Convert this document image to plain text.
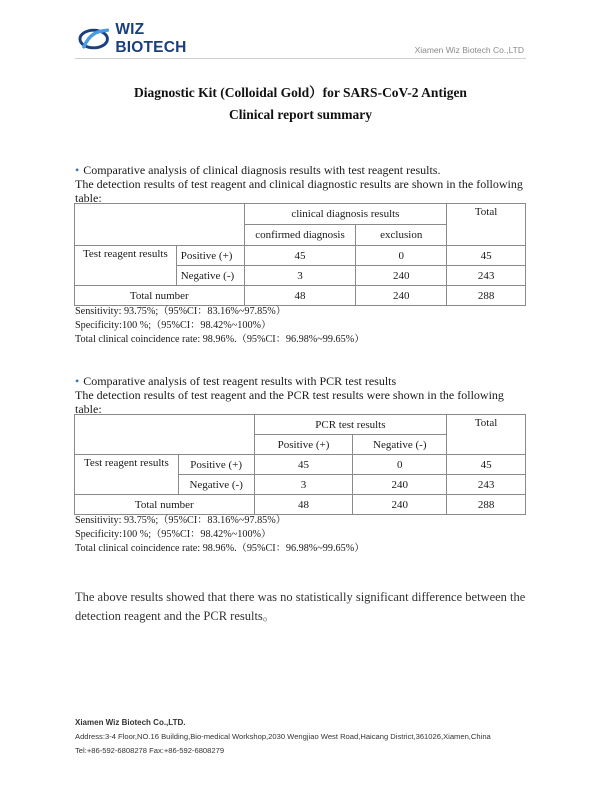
WIZ BIOTECH	Xiamen Wiz Biotech Co.,LTD
Diagnostic Kit (Colloidal Gold）for SARS-CoV-2 Antigen
Clinical report summary
• Comparative analysis of clinical diagnosis results with test reagent results.
The detection results of test reagent and clinical diagnostic results are shown in the following table:
		clinical diagnosis results		Total
		confirmed diagnosis	exclusion	
Test reagent results	Positive (+)	45	0	45
	Negative (-)	3	240	243
Total number		48	240	288
Sensitivity: 93.75%;（95%CI：83.16%~97.85%）
Specificity:100 %;（95%CI：98.42%~100%）
Total clinical coincidence rate: 98.96%.（95%CI：96.98%~99.65%）
• Comparative analysis of test reagent results with PCR test results
The detection results of test reagent and the PCR test results were shown in the following table:
		PCR test results		Total
		Positive (+)	Negative (-)	
Test reagent results	Positive (+)	45	0	45
	Negative (-)	3	240	243
Total number		48	240	288
Sensitivity: 93.75%;（95%CI：83.16%~97.85%）
Specificity:100 %;（95%CI：98.42%~100%）
Total clinical coincidence rate: 98.96%.（95%CI：96.98%~99.65%）
The above results showed that there was no statistically significant difference between the detection reagent and the PCR results。
Xiamen Wiz Biotech Co.,LTD.
Address:3-4 Floor,NO.16 Building,Bio-medical Workshop,2030 Wengjiao West Road,Haicang District,361026,Xiamen,China
Tel:+86-592-6808278 Fax:+86-592-6808279
